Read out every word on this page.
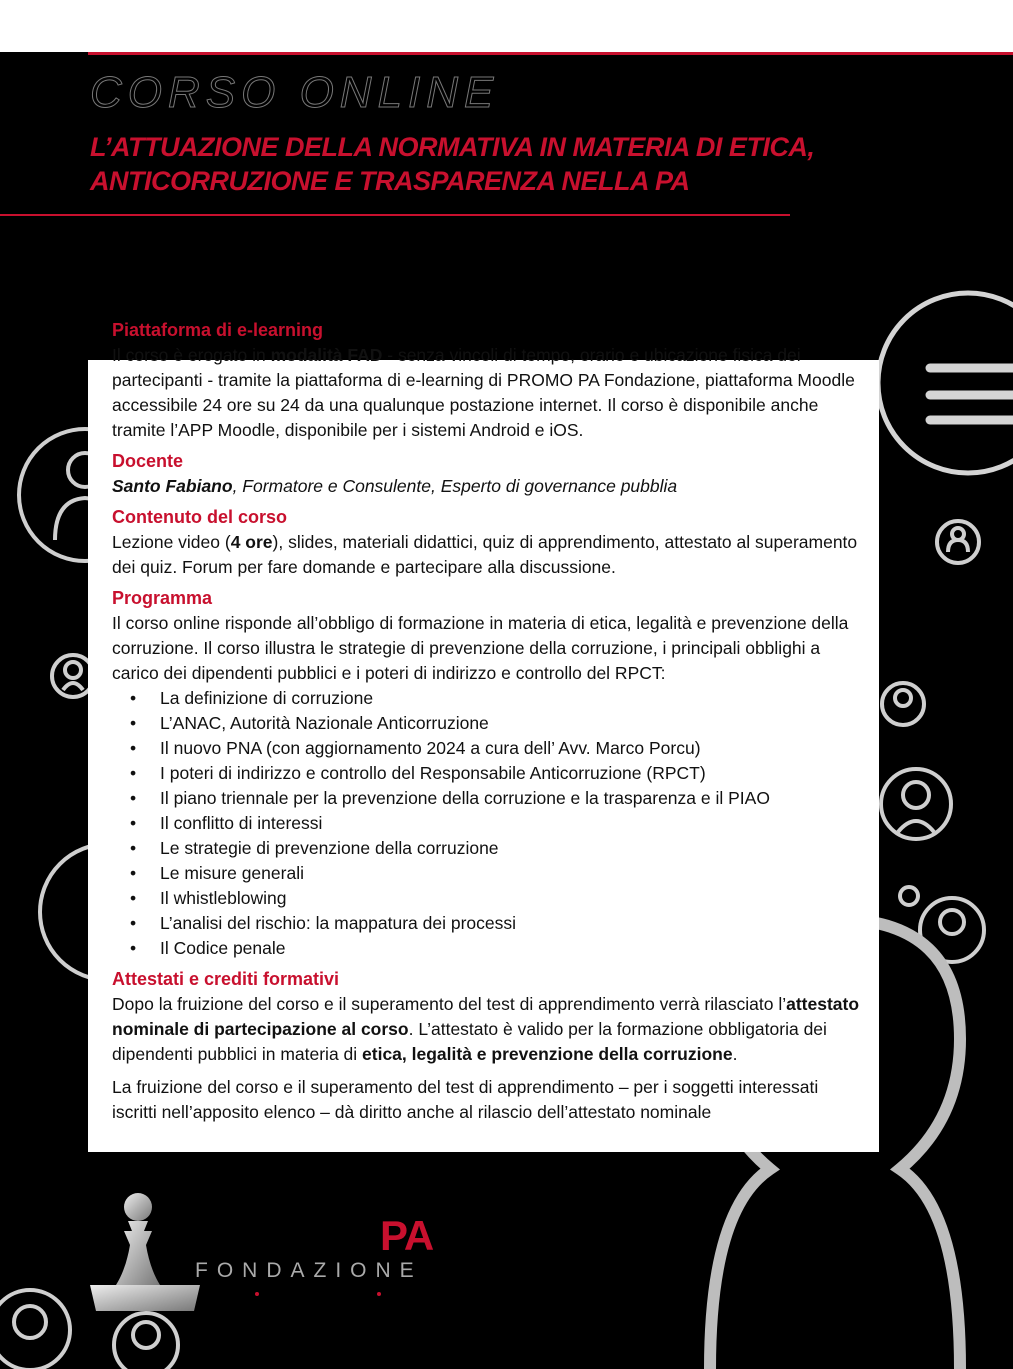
CORSO ONLINE
L’ATTUAZIONE DELLA NORMATIVA IN MATERIA DI ETICA,
ANTICORRUZIONE E TRASPARENZA NELLA PA
Piattaforma di e-learning

Il corso è erogato in modalità FAD - senza vincoli di tempo, orario e ubicazione fisica dei partecipanti - tramite la piattaforma di e-learning di PROMO PA Fondazione, piattaforma Moodle accessibile 24 ore su 24 da una qualunque postazione internet. Il corso è disponibile anche tramite l’APP Moodle, disponibile per i sistemi Android e iOS.

Docente

Santo Fabiano, Formatore e Consulente, Esperto di governance pubblia

Contenuto del corso

Lezione video (4 ore), slides, materiali didattici, quiz di apprendimento, attestato al superamento dei quiz. Forum per fare domande e partecipare alla discussione.

Programma

Il corso online risponde all’obbligo di formazione in materia di etica, legalità e prevenzione della corruzione. Il corso illustra le strategie di prevenzione della corruzione, i principali obblighi a carico dei dipendenti pubblici e i poteri di indirizzo e controllo del RPCT:

• La definizione di corruzione
• L’ANAC, Autorità Nazionale Anticorruzione
• Il nuovo PNA (con aggiornamento 2024 a cura dell’ Avv. Marco Porcu)
• I poteri di indirizzo e controllo del Responsabile Anticorruzione (RPCT)
• Il piano triennale per la prevenzione della corruzione e la trasparenza e il PIAO
• Il conflitto di interessi
• Le strategie di prevenzione della corruzione
• Le misure generali
• Il whistleblowing
• L’analisi del rischio: la mappatura dei processi
• Il Codice penale
Attestati e crediti formativi

Dopo la fruizione del corso e il superamento del test di apprendimento verrà rilasciato l’attestato nominale di partecipazione al corso. L’attestato è valido per la formazione obbligatoria dei dipendenti pubblici in materia di etica, legalità e prevenzione della corruzione.

La fruizione del corso e il superamento del test di apprendimento – per i soggetti interessati iscritti nell’apposito elenco – dà diritto anche al rilascio dell’attestato nominale

PA
FONDAZIONE
